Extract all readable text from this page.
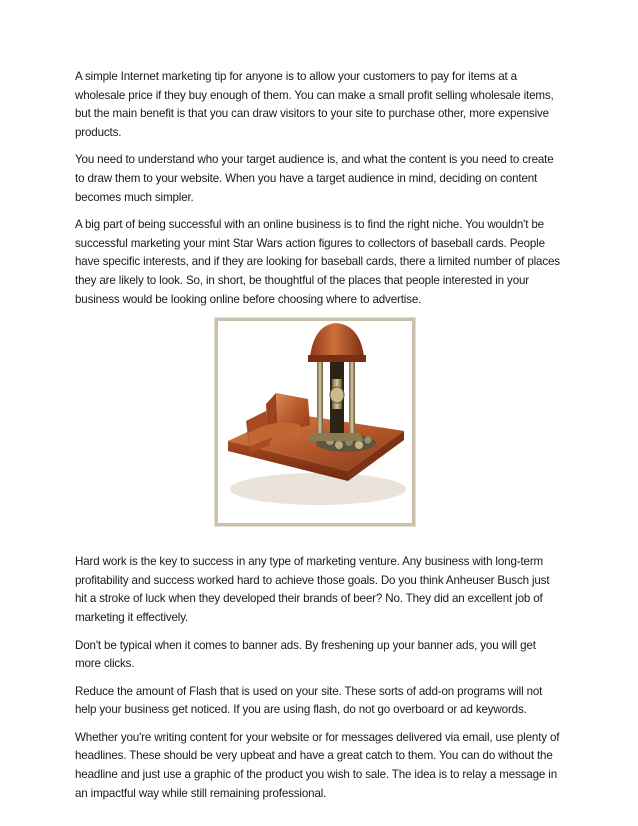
A simple Internet marketing tip for anyone is to allow your customers to pay for items at a wholesale price if they buy enough of them. You can make a small profit selling wholesale items, but the main benefit is that you can draw visitors to your site to purchase other, more expensive products.

You need to understand who your target audience is, and what the content is you need to create to draw them to your website. When you have a target audience in mind, deciding on content becomes much simpler.

A big part of being successful with an online business is to find the right niche. You wouldn't be successful marketing your mint Star Wars action figures to collectors of baseball cards. People have specific interests, and if they are looking for baseball cards, there a limited number of places they are likely to look. So, in short, be thoughtful of the places that people interested in your business would be looking online before choosing where to advertise.

Hard work is the key to success in any type of marketing venture. Any business with long-term profitability and success worked hard to achieve those goals. Do you think Anheuser Busch just hit a stroke of luck when they developed their brands of beer? No. They did an excellent job of marketing it effectively.

Don't be typical when it comes to banner ads. By freshening up your banner ads, you will get more clicks.

Reduce the amount of Flash that is used on your site. These sorts of add-on programs will not help your business get noticed. If you are using flash, do not go overboard or ad keywords.

Whether you're writing content for your website or for messages delivered via email, use plenty of headlines. These should be very upbeat and have a great catch to them. You can do without the headline and just use a graphic of the product you wish to sale. The idea is to relay a message in an impactful way while still remaining professional.
